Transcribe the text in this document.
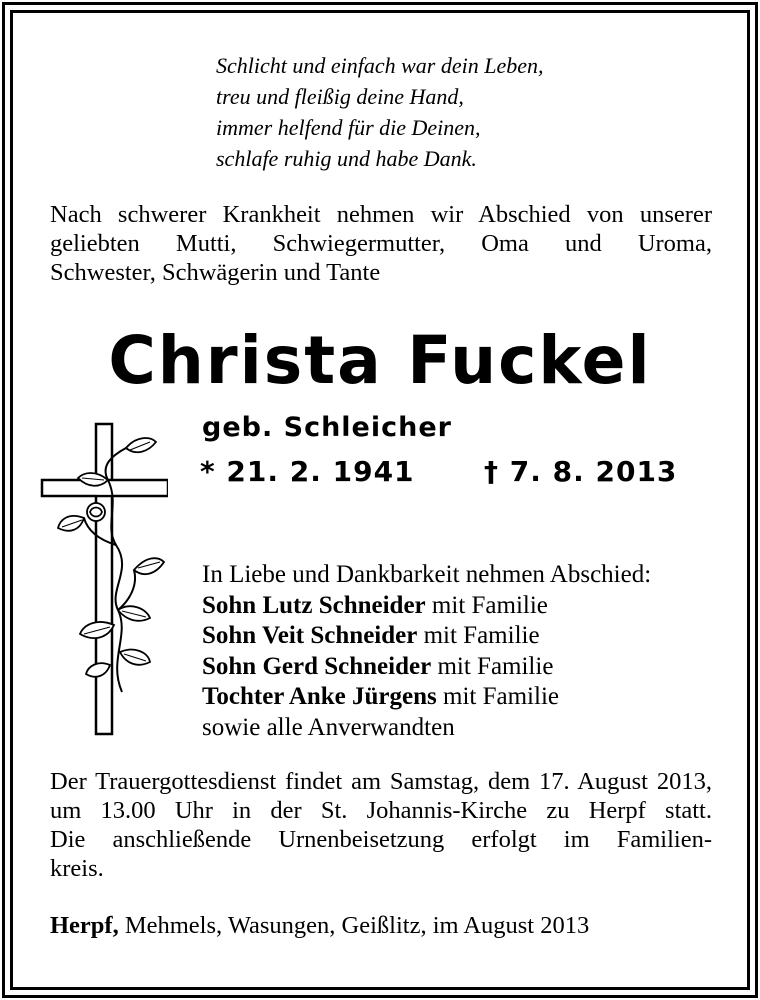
Schlicht und einfach war dein Leben,
treu und fleißig deine Hand,
immer helfend für die Deinen,
schlafe ruhig und habe Dank.
Nach schwerer Krankheit nehmen wir Abschied von unserer
geliebten Mutti, Schwiegermutter, Oma und Uroma,
Schwester, Schwägerin und Tante
Christa Fuckel
geb. Schleicher
* 21. 2. 1941 † 7. 8. 2013
In Liebe und Dankbarkeit nehmen Abschied:
Sohn Lutz Schneider mit Familie
Sohn Veit Schneider mit Familie
Sohn Gerd Schneider mit Familie
Tochter Anke Jürgens mit Familie
sowie alle Anverwandten
Der Trauergottesdienst findet am Samstag, dem 17. August 2013,
um 13.00 Uhr in der St. Johannis-Kirche zu Herpf statt.
Die anschließende Urnenbeisetzung erfolgt im Familien-
kreis.
Herpf, Mehmels, Wasungen, Geißlitz, im August 2013
